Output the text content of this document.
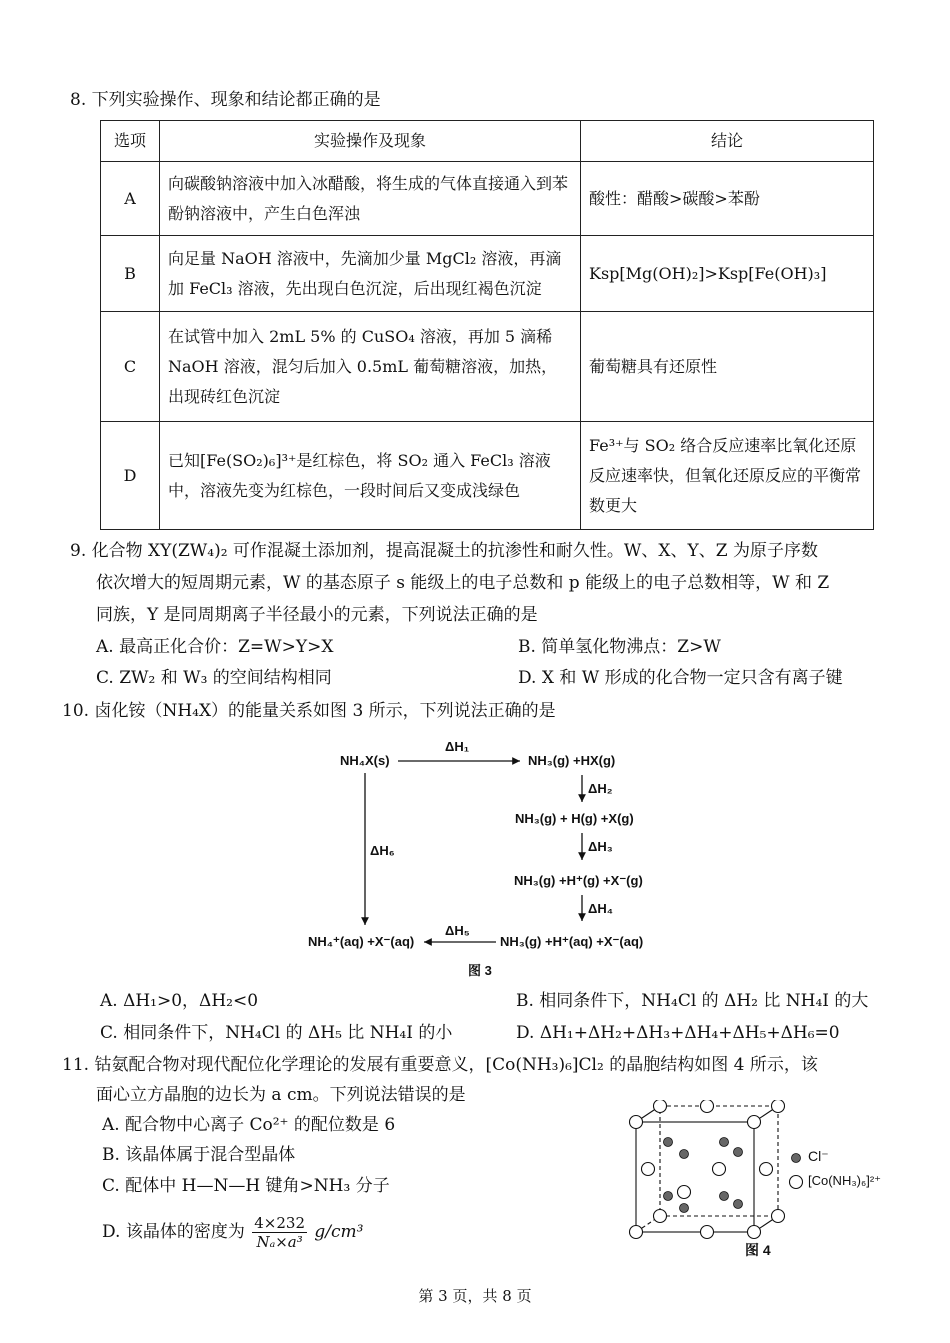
8. 下列实验操作、现象和结论都正确的是
选项	实验操作及现象	结论
A	向碳酸钠溶液中加入冰醋酸，将生成的气体直接通入到苯酚钠溶液中，产生白色浑浊	酸性：醋酸>碳酸>苯酚
B	向足量 NaOH 溶液中，先滴加少量 MgCl₂ 溶液，再滴加 FeCl₃ 溶液，先出现白色沉淀，后出现红褐色沉淀	Ksp[Mg(OH)₂]>Ksp[Fe(OH)₃]
C	在试管中加入 2mL 5% 的 CuSO₄ 溶液，再加 5 滴稀 NaOH 溶液，混匀后加入 0.5mL 葡萄糖溶液，加热，出现砖红色沉淀	葡萄糖具有还原性
D	已知[Fe(SO₂)₆]³⁺是红棕色，将 SO₂ 通入 FeCl₃ 溶液中，溶液先变为红棕色，一段时间后又变成浅绿色	Fe³⁺与 SO₂ 络合反应速率比氧化还原反应速率快，但氧化还原反应的平衡常数更大
9. 化合物 XY(ZW₄)₂ 可作混凝土添加剂，提高混凝土的抗渗性和耐久性。W、X、Y、Z 为原子序数
依次增大的短周期元素，W 的基态原子 s 能级上的电子总数和 p 能级上的电子总数相等，W 和 Z
同族，Y 是同周期离子半径最小的元素，下列说法正确的是
A. 最高正化合价：Z=W>Y>X	B. 简单氢化物沸点：Z>W
C. ZW₂ 和 W₃ 的空间结构相同	D. X 和 W 形成的化合物一定只含有离子键
10. 卤化铵（NH₄X）的能量关系如图 3 所示，下列说法正确的是
NH₄X(s)
ΔH₁
NH₃(g) +HX(g)
ΔH₂
NH₃(g) + H(g) +X(g)
ΔH₃
NH₃(g) +H⁺(g) +X⁻(g)
ΔH₄
ΔH₆
NH₄⁺(aq) +X⁻(aq)
ΔH₅
NH₃(g) +H⁺(aq) +X⁻(aq)
图 3
A. ΔH₁>0，ΔH₂<0	B. 相同条件下，NH₄Cl 的 ΔH₂ 比 NH₄I 的大
C. 相同条件下，NH₄Cl 的 ΔH₅ 比 NH₄I 的小	D. ΔH₁+ΔH₂+ΔH₃+ΔH₄+ΔH₅+ΔH₆=0
11. 钴氨配合物对现代配位化学理论的发展有重要意义，[Co(NH₃)₆]Cl₂ 的晶胞结构如图 4 所示，该
面心立方晶胞的边长为 a cm。下列说法错误的是
A. 配合物中心离子 Co²⁺ 的配位数是 6
B. 该晶体属于混合型晶体
C. 配体中 H—N—H 键角>NH₃ 分子
D. 该晶体的密度为 $\frac{4\times 232}{\text{Nₐ×a³}} g/cm^3$
Cl⁻
[Co(NH₃)₆]²⁺
图 4
第 3 页，共 8 页
